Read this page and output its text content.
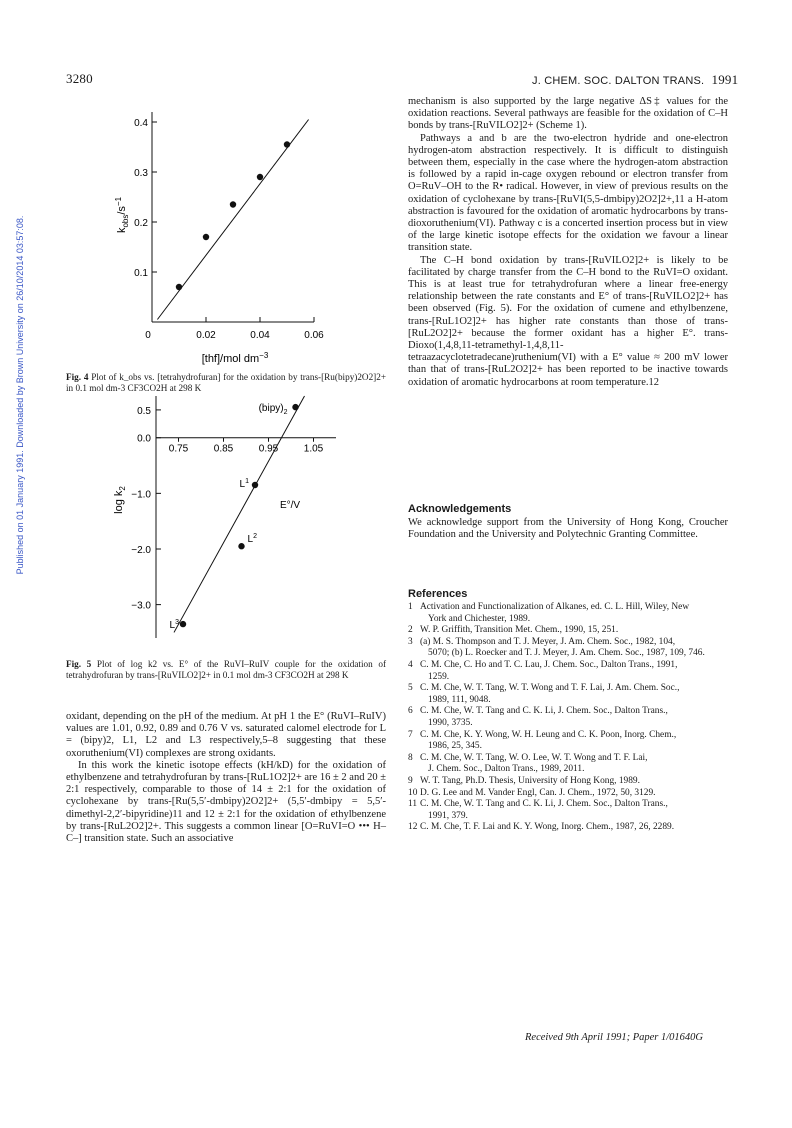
3280	J. CHEM. SOC. DALTON TRANS. 1991
Published on 01 January 1991. Downloaded by Brown University on 26/10/2014 03:57:08.	0	0.02	0.04	0.06
0.1
0.2
0.3
0.4
$k_{obs}/s^{-1}$
[thf]/mol $dm^{-3}$
Fig. 4 Plot of k_obs vs. [tetrahydrofuran] for the oxidation by trans-[Ru(bipy)2O2]2+ in 0.1 mol dm-3 CF3CO2H at 298 K
0.75	0.85	0.95	1.05
0.5
0.0
−1.0
−2.0
−3.0
$(bipy)_2$
$L^1$
$L^2$
$L^3$
$\log k_2$
E°/V
Fig. 5 Plot of log k2 vs. E° of the RuVI–RuIV couple for the oxidation of tetrahydrofuran by trans-[RuVILO2]2+ in 0.1 mol dm-3 CF3CO2H at 298 K

oxidant, depending on the pH of the medium. At pH 1 the E° (RuVI–RuIV) values are 1.01, 0.92, 0.89 and 0.76 V vs. saturated calomel electrode for L = (bipy)2, L1, L2 and L3 respectively,5–8 suggesting that these oxoruthenium(VI) complexes are strong oxidants.

In this work the kinetic isotope effects (kH/kD) for the oxidation of ethylbenzene and tetrahydrofuran by trans-[RuL1O2]2+ are 16 ± 2 and 20 ± 2:1 respectively, comparable to those of 14 ± 2:1 for the oxidation of cyclohexane by trans-[Ru(5,5′-dmbipy)2O2]2+ (5,5′-dmbipy = 5,5′-dimethyl-2,2′-bipyridine)11 and 12 ± 2:1 for the oxidation of ethylbenzene by trans-[RuL2O2]2+. This suggests a common linear [O=RuVI=O ••• H–C–] transition state. Such an associative

mechanism is also supported by the large negative ΔS‡ values for the oxidation reactions. Several pathways are feasible for the oxidation of C–H bonds by trans-[RuVILO2]2+ (Scheme 1).

Pathways a and b are the two-electron hydride and one-electron hydrogen-atom abstraction respectively. It is difficult to distinguish between them, especially in the case where the hydrogen-atom abstraction is followed by a rapid in-cage oxygen rebound or electron transfer from O=RuV–OH to the R• radical. However, in view of previous results on the oxidation of cyclohexane by trans-[RuVI(5,5-dmbipy)2O2]2+,11 a H-atom abstraction is favoured for the oxidation of aromatic hydrocarbons by trans-dioxoruthenium(VI). Pathway c is a concerted insertion process but in view of the large kinetic isotope effects for the oxidation we favour a linear transition state.

The C–H bond oxidation by trans-[RuVILO2]2+ is likely to be facilitated by charge transfer from the C–H bond to the RuVI=O oxidant. This is at least true for tetrahydrofuran where a linear free-energy relationship between the rate constants and E° of trans-[RuVILO2]2+ has been observed (Fig. 5). For the oxidation of cumene and ethylbenzene, trans-[RuL1O2]2+ has higher rate constants than those of trans-[RuL2O2]2+ because the former oxidant has a higher E°. trans-Dioxo(1,4,8,11-tetramethyl-1,4,8,11-tetraazacyclotetradecane)ruthenium(VI) with a E° value ≈ 200 mV lower than that of trans-[RuL2O2]2+ has been reported to be inactive towards oxidation of aromatic hydrocarbons at room temperature.12

Acknowledgements
We acknowledge support from the University of Hong Kong, Croucher Foundation and the University and Polytechnic Granting Committee.
References
1 Activation and Functionalization of Alkanes, ed. C. L. Hill, Wiley, New
York and Chichester, 1989.
2 W. P. Griffith, Transition Met. Chem., 1990, 15, 251.
3 (a) M. S. Thompson and T. J. Meyer, J. Am. Chem. Soc., 1982, 104,
5070; (b) L. Roecker and T. J. Meyer, J. Am. Chem. Soc., 1987, 109, 746.
4 C. M. Che, C. Ho and T. C. Lau, J. Chem. Soc., Dalton Trans., 1991,
1259.
5 C. M. Che, W. T. Tang, W. T. Wong and T. F. Lai, J. Am. Chem. Soc.,
1989, 111, 9048.
6 C. M. Che, W. T. Tang and C. K. Li, J. Chem. Soc., Dalton Trans.,
1990, 3735.
7 C. M. Che, K. Y. Wong, W. H. Leung and C. K. Poon, Inorg. Chem.,
1986, 25, 345.
8 C. M. Che, W. T. Tang, W. O. Lee, W. T. Wong and T. F. Lai,
J. Chem. Soc., Dalton Trans., 1989, 2011.
9 W. T. Tang, Ph.D. Thesis, University of Hong Kong, 1989.
10 D. G. Lee and M. Vander Engl, Can. J. Chem., 1972, 50, 3129.
11 C. M. Che, W. T. Tang and C. K. Li, J. Chem. Soc., Dalton Trans.,
1991, 379.
12 C. M. Che, T. F. Lai and K. Y. Wong, Inorg. Chem., 1987, 26, 2289.
Received 9th April 1991; Paper 1/01640G
